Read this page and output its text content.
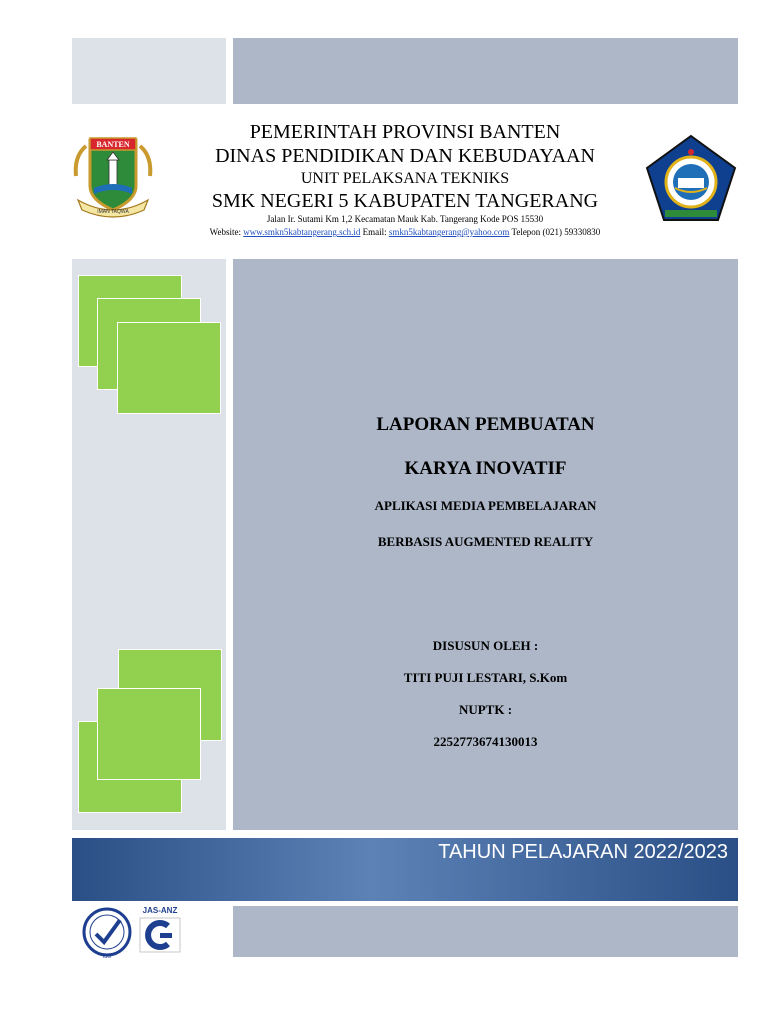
BANTEN
IMAN TAQWA
PEMERINTAH PROVINSI BANTEN
DINAS PENDIDIKAN DAN KEBUDAYAAN
UNIT PELAKSANA TEKNIKS
SMK NEGERI 5 KABUPATEN TANGERANG
Jalan Ir. Sutami Km 1,2 Kecamatan Mauk Kab. Tangerang Kode POS 15530
Website: www.smkn5kabtangerang.sch.id Email: smkn5kabtangerang@yahoo.com Telepon (021) 59330830
LAPORAN PEMBUATAN
KARYA INOVATIF
APLIKASI MEDIA PEMBELAJARAN
BERBASIS AUGMENTED REALITY
DISUSUN OLEH :
TITI PUJI LESTARI, S.Kom
NUPTK :
2252773674130013
TAHUN PELAJARAN 2022/2023
ISO
JAS-ANZ
